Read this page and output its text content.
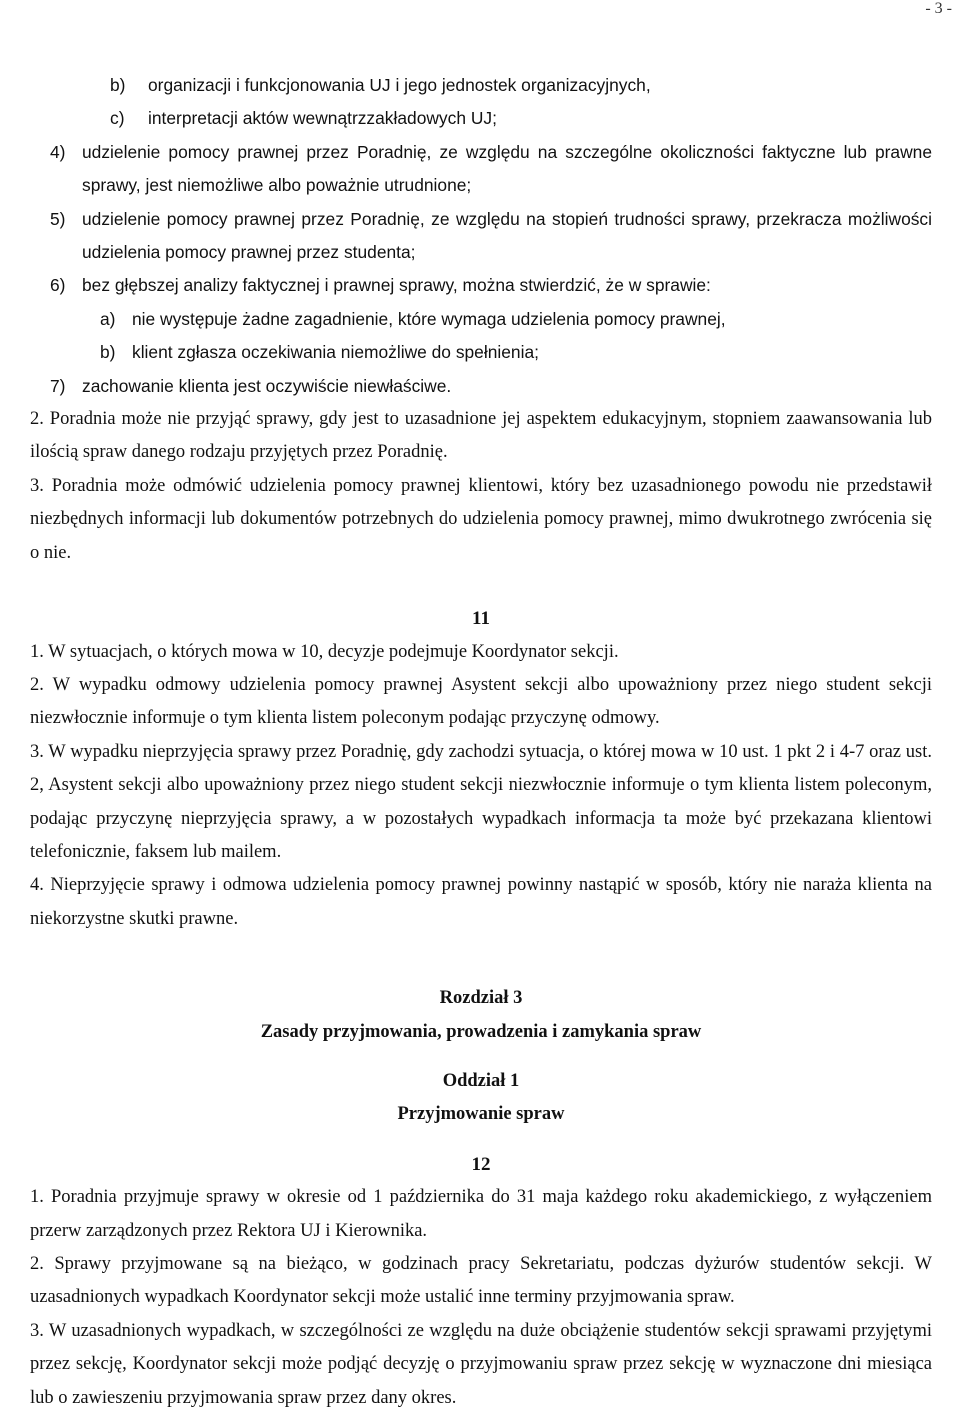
- 3 -
b) organizacji i funkcjonowania UJ i jego jednostek organizacyjnych,
c) interpretacji aktów wewnątrzzakładowych UJ;
4) udzielenie pomocy prawnej przez Poradnię, ze względu na szczególne okoliczności faktyczne lub prawne sprawy, jest niemożliwe albo poważnie utrudnione;
5) udzielenie pomocy prawnej przez Poradnię, ze względu na stopień trudności sprawy, przekracza możliwości udzielenia pomocy prawnej przez studenta;
6) bez głębszej analizy faktycznej i prawnej sprawy, można stwierdzić, że w sprawie:
a) nie występuje żadne zagadnienie, które wymaga udzielenia pomocy prawnej,
b) klient zgłasza oczekiwania niemożliwe do spełnienia;
7) zachowanie klienta jest oczywiście niewłaściwe.

2. Poradnia może nie przyjąć sprawy, gdy jest to uzasadnione jej aspektem edukacyjnym, stopniem zaawansowania lub ilością spraw danego rodzaju przyjętych przez Poradnię.

3. Poradnia może odmówić udzielenia pomocy prawnej klientowi, który bez uzasadnionego powodu nie przedstawił niezbędnych informacji lub dokumentów potrzebnych do udzielenia pomocy prawnej, mimo dwukrotnego zwrócenia się o nie.

11

1. W sytuacjach, o których mowa w 10, decyzje podejmuje Koordynator sekcji.

2. W wypadku odmowy udzielenia pomocy prawnej Asystent sekcji albo upoważniony przez niego student sekcji niezwłocznie informuje o tym klienta listem poleconym podając przyczynę odmowy.

3. W wypadku nieprzyjęcia sprawy przez Poradnię, gdy zachodzi sytuacja, o której mowa w 10 ust. 1 pkt 2 i 4-7 oraz ust. 2, Asystent sekcji albo upoważniony przez niego student sekcji niezwłocznie informuje o tym klienta listem poleconym, podając przyczynę nieprzyjęcia sprawy, a w pozostałych wypadkach informacja ta może być przekazana klientowi telefonicznie, faksem lub mailem.

4. Nieprzyjęcie sprawy i odmowa udzielenia pomocy prawnej powinny nastąpić w sposób, który nie naraża klienta na niekorzystne skutki prawne.

Rozdział 3

Zasady przyjmowania, prowadzenia i zamykania spraw

Oddział 1

Przyjmowanie spraw

12

1. Poradnia przyjmuje sprawy w okresie od 1 października do 31 maja każdego roku akademickiego, z wyłączeniem przerw zarządzonych przez Rektora UJ i Kierownika.

2. Sprawy przyjmowane są na bieżąco, w godzinach pracy Sekretariatu, podczas dyżurów studentów sekcji. W uzasadnionych wypadkach Koordynator sekcji może ustalić inne terminy przyjmowania spraw.

3. W uzasadnionych wypadkach, w szczególności ze względu na duże obciążenie studentów sekcji sprawami przyjętymi przez sekcję, Koordynator sekcji może podjąć decyzję o przyjmowaniu spraw przez sekcję w wyznaczone dni miesiąca lub o zawieszeniu przyjmowania spraw przez dany okres.
